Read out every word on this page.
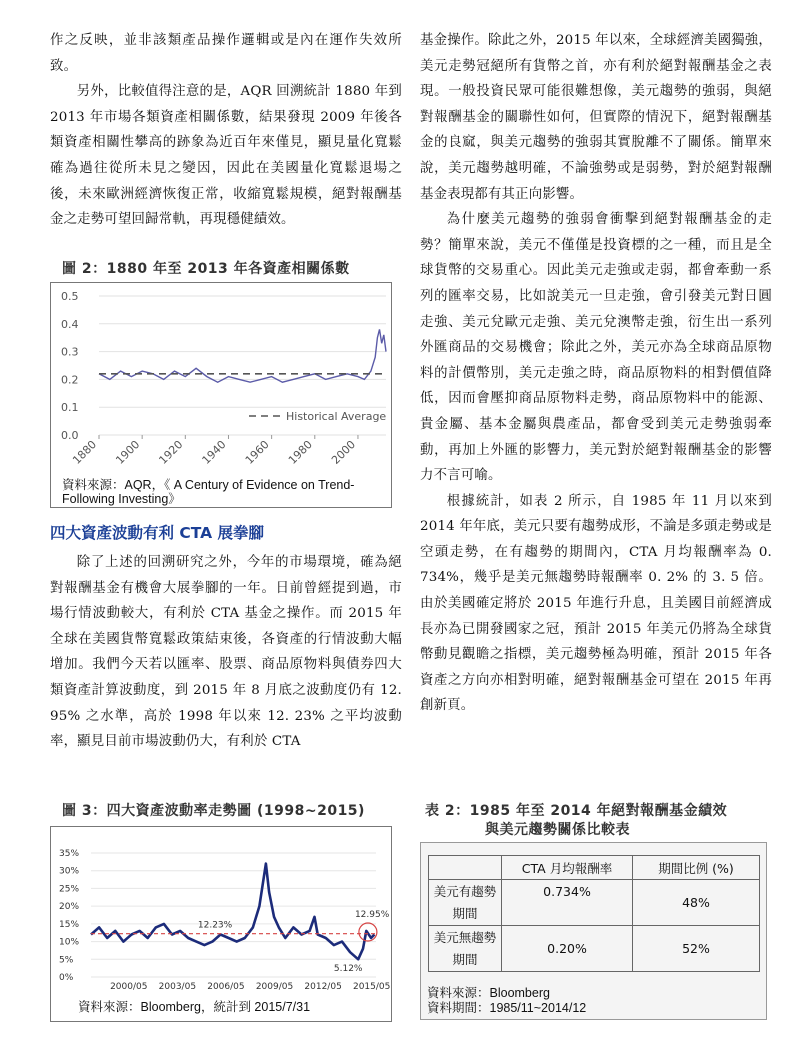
作之反映，並非該類產品操作邏輯或是內在運作失效所致。

另外，比較值得注意的是，AQR 回溯統計 1880 年到 2013 年市場各類資產相關係數，結果發現 2009 年後各類資產相關性攀高的跡象為近百年來僅見，顯見量化寬鬆確為過往從所未見之變因，因此在美國量化寬鬆退場之後，未來歐洲經濟恢復正常，收縮寬鬆規模，絕對報酬基金之走勢可望回歸常軌，再現穩健績效。

圖 2：1880 年至 2013 年各資產相關係數
0.5
0.4
0.3
0.2
0.1
0.0
1880 1900 1920 1940 1960 1980 2000
Historical Average
資料來源：AQR，《 A Century of Evidence on Trend-Following Investing》
四大資產波動有利 CTA 展拳腳

除了上述的回溯研究之外，今年的市場環境，確為絕對報酬基金有機會大展拳腳的一年。日前曾經提到過，市場行情波動較大，有利於 CTA 基金之操作。而 2015 年全球在美國貨幣寬鬆政策結束後，各資產的行情波動大幅增加。我們今天若以匯率、股票、商品原物料與債券四大類資產計算波動度，到 2015 年 8 月底之波動度仍有 12. 95% 之水準，高於 1998 年以來 12. 23% 之平均波動率，顯見目前市場波動仍大，有利於 CTA

圖 3：四大資產波動率走勢圖 (1998~2015)
35%
30%
25%
20%
15%
10%
5%
0%
2000/05 2003/05 2006/05 2009/05 2012/05 2015/05
12.23%
12.95%
5.12%
資料來源：Bloomberg，統計到 2015/7/31

基金操作。除此之外，2015 年以來，全球經濟美國獨強，美元走勢冠絕所有貨幣之首，亦有利於絕對報酬基金之表現。一般投資民眾可能很難想像，美元趨勢的強弱，與絕對報酬基金的關聯性如何，但實際的情況下，絕對報酬基金的良窳，與美元趨勢的強弱其實脫離不了關係。簡單來說，美元趨勢越明確，不論強勢或是弱勢，對於絕對報酬基金表現都有其正向影響。

為什麼美元趨勢的強弱會衝擊到絕對報酬基金的走勢？簡單來說，美元不僅僅是投資標的之一種，而且是全球貨幣的交易重心。因此美元走強或走弱，都會牽動一系列的匯率交易，比如說美元一旦走強，會引發美元對日圓走強、美元兌歐元走強、美元兌澳幣走強，衍生出一系列外匯商品的交易機會；除此之外，美元亦為全球商品原物料的計價幣別，美元走強之時，商品原物料的相對價值降低，因而會壓抑商品原物料走勢，商品原物料中的能源、貴金屬、基本金屬與農產品，都會受到美元走勢強弱牽動，再加上外匯的影響力，美元對於絕對報酬基金的影響力不言可喻。

根據統計，如表 2 所示，自 1985 年 11 月以來到 2014 年年底，美元只要有趨勢成形，不論是多頭走勢或是空頭走勢，在有趨勢的期間內，CTA 月均報酬率為 0. 734%，幾乎是美元無趨勢時報酬率 0. 2% 的 3. 5 倍。由於美國確定將於 2015 年進行升息，且美國目前經濟成長亦為已開發國家之冠，預計 2015 年美元仍將為全球貨幣動見觀瞻之指標，美元趨勢極為明確，預計 2015 年各資產之方向亦相對明確，絕對報酬基金可望在 2015 年再創新頁。

表 2：1985 年至 2014 年絕對報酬基金績效
與美元趨勢關係比較表
	CTA 月均報酬率	期間比例 (%)
美元有趨勢期間	0.734%	48%
美元無趨勢期間	0.20%	52%
資料來源：Bloomberg
資料期間：1985/11~2014/12
